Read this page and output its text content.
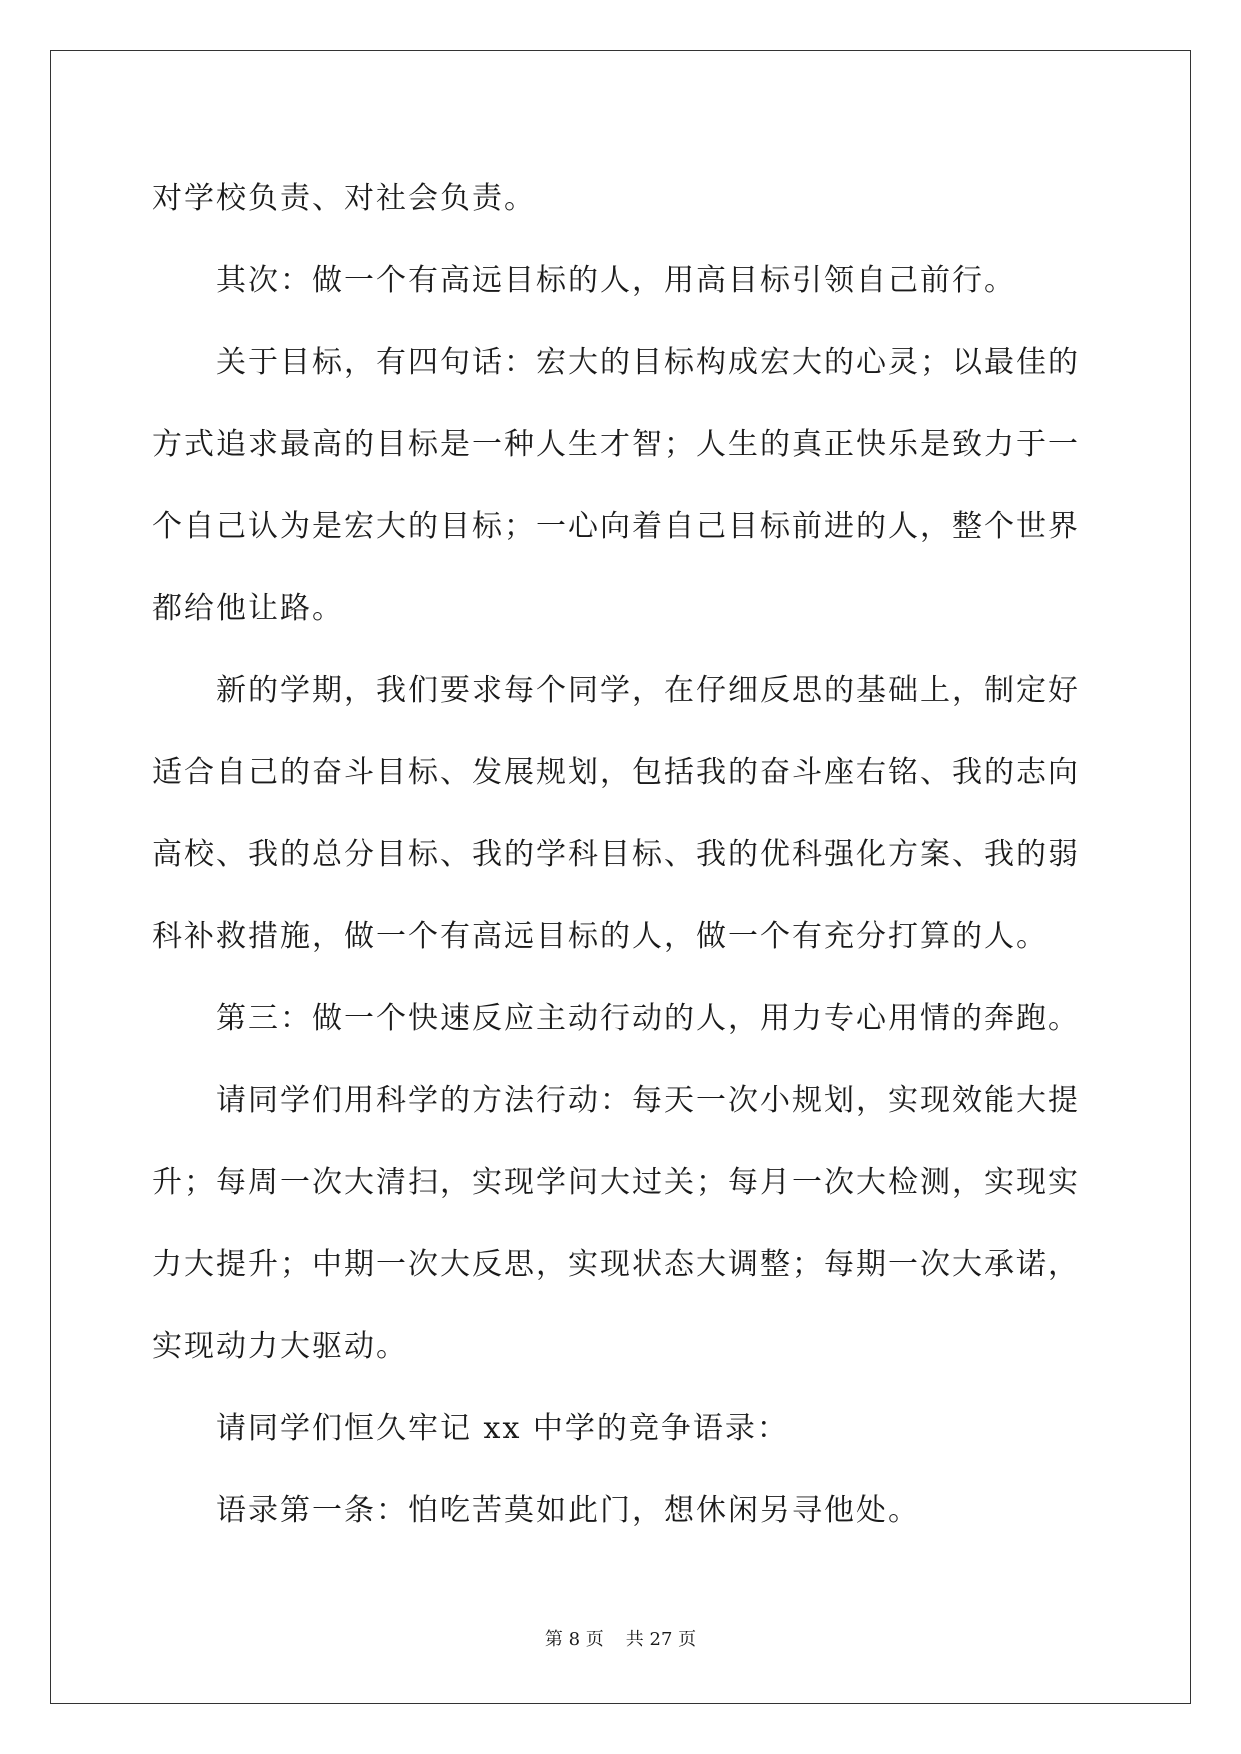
对学校负责、对社会负责。

其次：做一个有高远目标的人，用高目标引领自己前行。

关于目标，有四句话：宏大的目标构成宏大的心灵；以最佳的方式追求最高的目标是一种人生才智；人生的真正快乐是致力于一个自己认为是宏大的目标；一心向着自己目标前进的人，整个世界都给他让路。

新的学期，我们要求每个同学，在仔细反思的基础上，制定好适合自己的奋斗目标、发展规划，包括我的奋斗座右铭、我的志向高校、我的总分目标、我的学科目标、我的优科强化方案、我的弱科补救措施，做一个有高远目标的人，做一个有充分打算的人。

第三：做一个快速反应主动行动的人，用力专心用情的奔跑。

请同学们用科学的方法行动：每天一次小规划，实现效能大提升；每周一次大清扫，实现学问大过关；每月一次大检测，实现实力大提升；中期一次大反思，实现状态大调整；每期一次大承诺，实现动力大驱动。

请同学们恒久牢记 xx 中学的竞争语录：

语录第一条：怕吃苦莫如此门，想休闲另寻他处。

第 8 页 共 27 页
